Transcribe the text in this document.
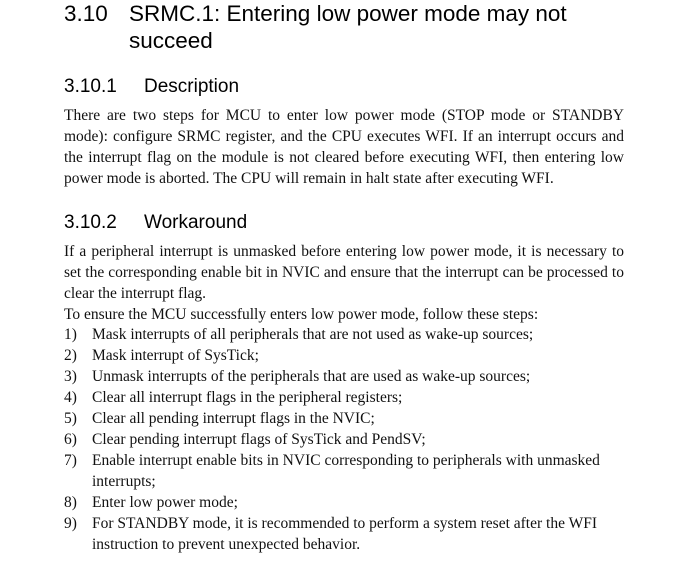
3.10 SRMC.1: Entering low power mode may not succeed
3.10.1 Description
There are two steps for MCU to enter low power mode (STOP mode or STANDBY mode): configure SRMC register, and the CPU executes WFI. If an interrupt occurs and the interrupt flag on the module is not cleared before executing WFI, then entering low power mode is aborted. The CPU will remain in halt state after executing WFI.
3.10.2 Workaround
If a peripheral interrupt is unmasked before entering low power mode, it is necessary to set the corresponding enable bit in NVIC and ensure that the interrupt can be processed to clear the interrupt flag.
To ensure the MCU successfully enters low power mode, follow these steps:
1) Mask interrupts of all peripherals that are not used as wake-up sources;
2) Mask interrupt of SysTick;
3) Unmask interrupts of the peripherals that are used as wake-up sources;
4) Clear all interrupt flags in the peripheral registers;
5) Clear all pending interrupt flags in the NVIC;
6) Clear pending interrupt flags of SysTick and PendSV;
7) Enable interrupt enable bits in NVIC corresponding to peripherals with unmasked interrupts;
8) Enter low power mode;
9) For STANDBY mode, it is recommended to perform a system reset after the WFI instruction to prevent unexpected behavior.
